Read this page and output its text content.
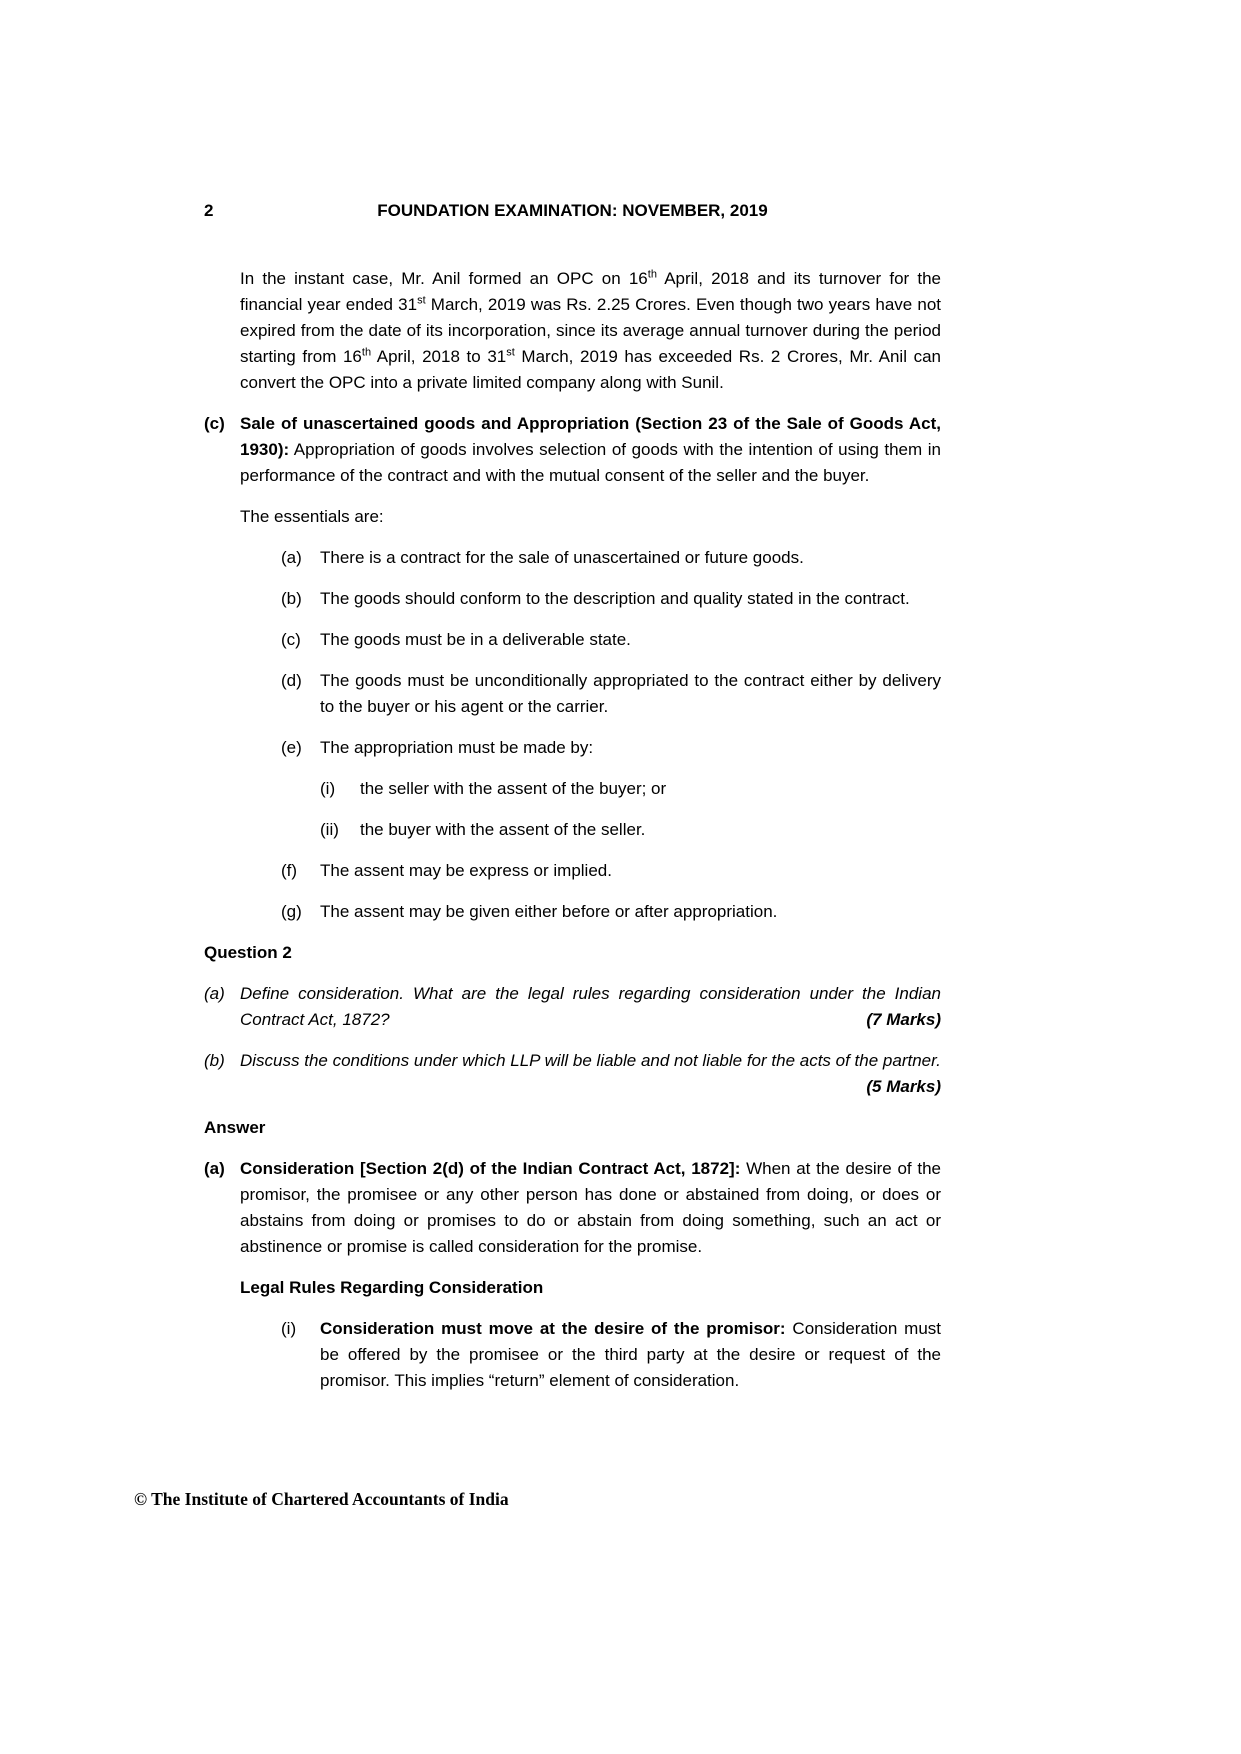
2	FOUNDATION EXAMINATION: NOVEMBER, 2019

In the instant case, Mr. Anil formed an OPC on 16th April, 2018 and its turnover for the financial year ended 31st March, 2019 was Rs. 2.25 Crores. Even though two years have not expired from the date of its incorporation, since its average annual turnover during the period starting from 16th April, 2018 to 31st March, 2019 has exceeded Rs. 2 Crores, Mr. Anil can convert the OPC into a private limited company along with Sunil.

(c) Sale of unascertained goods and Appropriation (Section 23 of the Sale of Goods Act, 1930): Appropriation of goods involves selection of goods with the intention of using them in performance of the contract and with the mutual consent of the seller and the buyer.

The essentials are:

(a)	There is a contract for the sale of unascertained or future goods.
(b)	The goods should conform to the description and quality stated in the contract.
(c)	The goods must be in a deliverable state.
(d)	The goods must be unconditionally appropriated to the contract either by delivery to the buyer or his agent or the carrier.
(e)	The appropriation must be made by:
(i)	the seller with the assent of the buyer; or
(ii)	the buyer with the assent of the seller.
(f)	The assent may be express or implied.
(g)	The assent may be given either before or after appropriation.
Question 2
(a) Define consideration. What are the legal rules regarding consideration under the Indian Contract Act, 1872?	(7 Marks)
(b) Discuss the conditions under which LLP will be liable and not liable for the acts of the partner.
(5 Marks)
Answer
(a) Consideration [Section 2(d) of the Indian Contract Act, 1872]: When at the desire of the promisor, the promisee or any other person has done or abstained from doing, or does or abstains from doing or promises to do or abstain from doing something, such an act or abstinence or promise is called consideration for the promise.
Legal Rules Regarding Consideration
(i)	Consideration must move at the desire of the promisor: Consideration must be offered by the promisee or the third party at the desire or request of the promisor. This implies “return” element of consideration.
© The Institute of Chartered Accountants of India
